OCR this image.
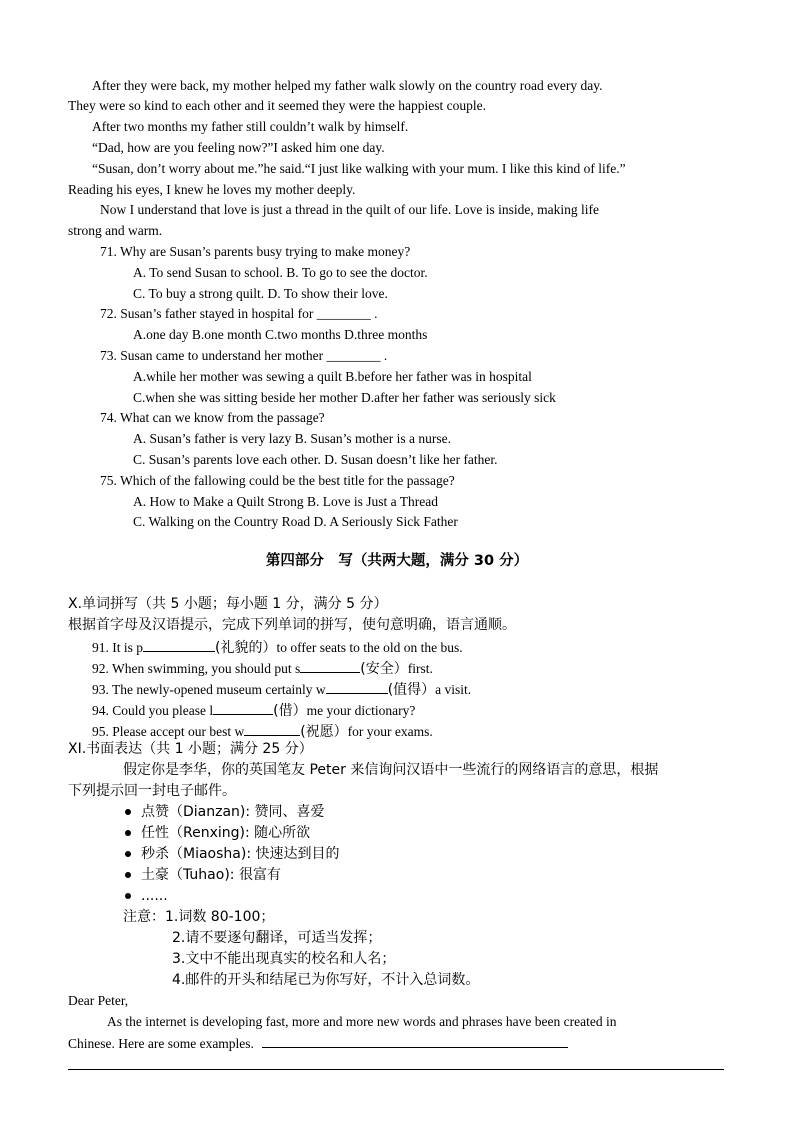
After they were back, my mother helped my father walk slowly on the country road every day.
They were so kind to each other and it seemed they were the happiest couple.
After two months my father still couldn’t walk by himself.
“Dad, how are you feeling now?”I asked him one day.
“Susan, don’t worry about me.”he said.“I just like walking with your mum. I like this kind of life.”
Reading his eyes, I knew he loves my mother deeply.
Now I understand that love is just a thread in the quilt of our life. Love is inside, making life
strong and warm.
71. Why are Susan’s parents busy trying to make money?
A. To send Susan to school. B. To go to see the doctor.
C. To buy a strong quilt. D. To show their love.
72. Susan’s father stayed in hospital for ________ .
A.one day B.one month C.two months D.three months
73. Susan came to understand her mother ________ .
A.while her mother was sewing a quilt B.before her father was in hospital
C.when she was sitting beside her mother D.after her father was seriously sick
74. What can we know from the passage?
A. Susan’s father is very lazy B. Susan’s mother is a nurse.
C. Susan’s parents love each other. D. Susan doesn’t like her father.
75. Which of the fallowing could be the best title for the passage?
A. How to Make a Quilt Strong B. Love is Just a Thread
C. Walking on the Country Road D. A Seriously Sick Father
第四部分　写（共两大题，满分 30 分）
X.单词拼写（共 5 小题；每小题 1 分，满分 5 分）
根据首字母及汉语提示，完成下列单词的拼写，使句意明确，语言通顺。
91. It is p	(礼貌的）to offer seats to the old on the bus.
92. When swimming, you should put s	(安全）first.
93. The newly-opened museum certainly w	(值得）a visit.
94. Could you please l	(借）me your dictionary?
95. Please accept our best w	(祝愿）for your exams.
XI.书面表达（共 1 小题；满分 25 分）
假定你是李华，你的英国笔友 Peter 来信询问汉语中一些流行的网络语言的意思，根据
下列提示回一封电子邮件。
点赞（Dianzan): 赞同、喜爱
任性（Renxing): 随心所欲
秒杀（Miaosha): 快速达到目的
土豪（Tuhao): 很富有
......
注意：1.词数 80-100；
2.请不要逐句翻译，可适当发挥；
3.文中不能出现真实的校名和人名；
4.邮件的开头和结尾已为你写好，不计入总词数。
Dear Peter,
As the internet is developing fast, more and more new words and phrases have been created in
Chinese. Here are some examples.
